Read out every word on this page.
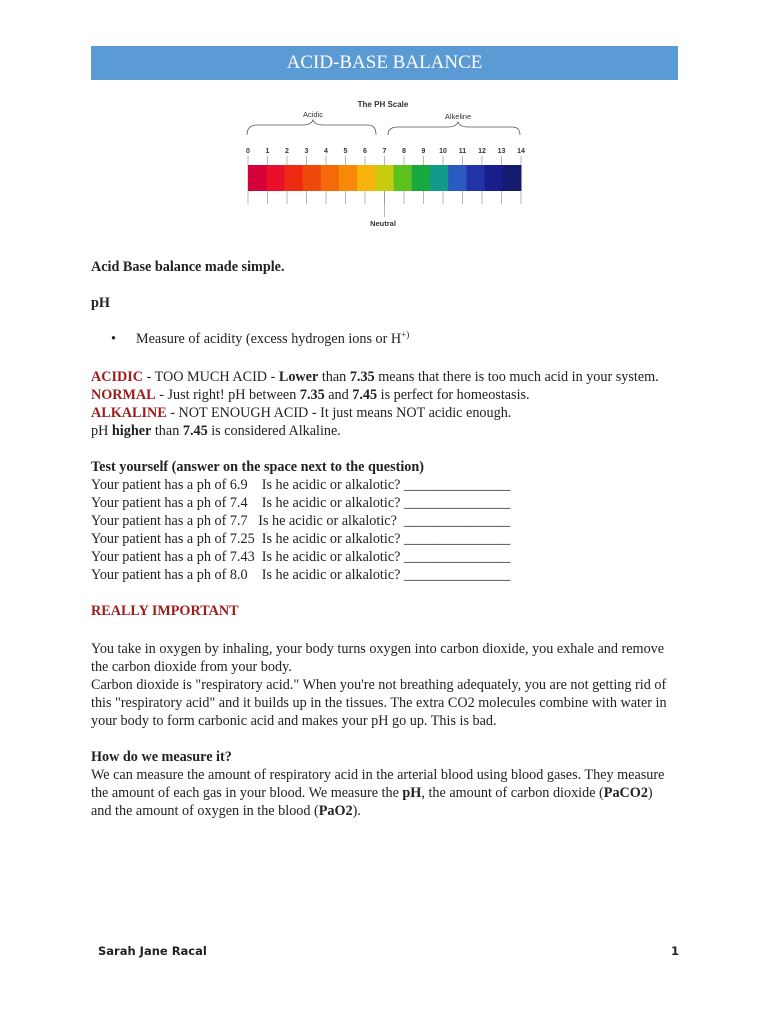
ACID-BASE BALANCE
The PH Scale
Acidic	Alkeline
0 1 2 3 4 5 6 7 8 9 10 11 12 13 14
Neutral

Acid Base balance made simple.

pH

•	Measure of acidity (excess hydrogen ions or H+)

ACIDIC - TOO MUCH ACID - Lower than 7.35 means that there is too much acid in your system.

NORMAL - Just right! pH between 7.35 and 7.45 is perfect for homeostasis.

ALKALINE - NOT ENOUGH ACID - It just means NOT acidic enough.

pH higher than 7.45 is considered Alkaline.

Test yourself (answer on the space next to the question)

Your patient has a ph of 6.9    Is he acidic or alkalotic? _______________

Your patient has a ph of 7.4    Is he acidic or alkalotic? _______________

Your patient has a ph of 7.7   Is he acidic or alkalotic?  _______________

Your patient has a ph of 7.25  Is he acidic or alkalotic? _______________

Your patient has a ph of 7.43  Is he acidic or alkalotic? _______________

Your patient has a ph of 8.0    Is he acidic or alkalotic? _______________

REALLY IMPORTANT

You take in oxygen by inhaling, your body turns oxygen into carbon dioxide, you exhale and remove the carbon dioxide from your body.

Carbon dioxide is "respiratory acid." When you're not breathing adequately, you are not getting rid of this "respiratory acid" and it builds up in the tissues. The extra CO2 molecules combine with water in your body to form carbonic acid and makes your pH go up. This is bad.

How do we measure it?

We can measure the amount of respiratory acid in the arterial blood using blood gases. They measure the amount of each gas in your blood. We measure the pH, the amount of carbon dioxide (PaCO2) and the amount of oxygen in the blood (PaO2).

Sarah Jane Racal	1
